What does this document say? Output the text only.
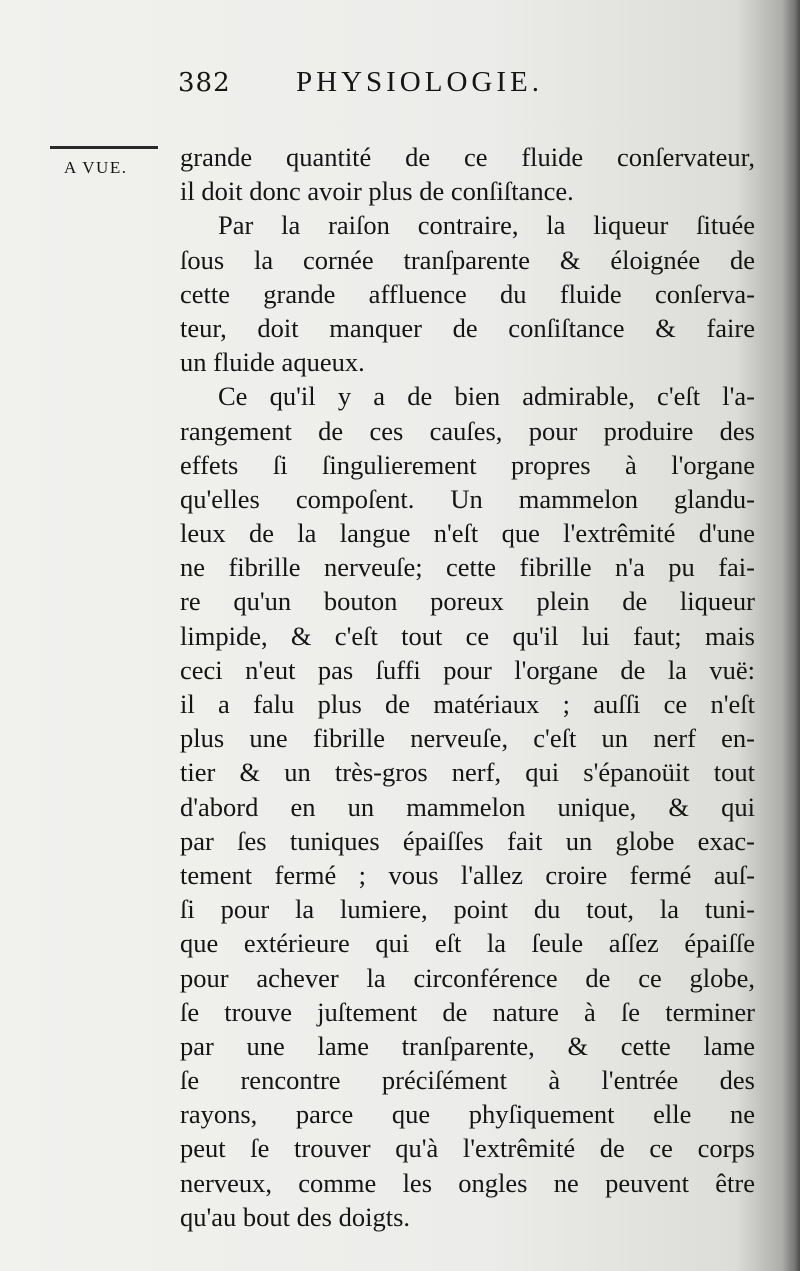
382 PHYSIOLOGIE.
A VUE. grande quantité de ce fluide conſervateur,
il doit donc avoir plus de conſiſtance.
Par la raiſon contraire, la liqueur ſituée
ſous la cornée tranſparente & éloignée de
cette grande affluence du fluide conſerva-
teur, doit manquer de conſiſtance & faire
un fluide aqueux.
Ce qu'il y a de bien admirable, c'eſt l'a-
rangement de ces cauſes, pour produire des
effets ſi ſingulierement propres à l'organe
qu'elles compoſent. Un mammelon glandu-
leux de la langue n'eſt que l'extrêmité d'une
ne fibrille nerveuſe; cette fibrille n'a pu fai-
re qu'un bouton poreux plein de liqueur
limpide, & c'eſt tout ce qu'il lui faut; mais
ceci n'eut pas ſuffi pour l'organe de la vuë:
il a falu plus de matériaux ; auſſi ce n'eſt
plus une fibrille nerveuſe, c'eſt un nerf en-
tier & un très-gros nerf, qui s'épanoüit tout
d'abord en un mammelon unique, & qui
par ſes tuniques épaiſſes fait un globe exac-
tement fermé ; vous l'allez croire fermé auſ-
ſi pour la lumiere, point du tout, la tuni-
que extérieure qui eſt la ſeule aſſez épaiſſe
pour achever la circonférence de ce globe,
ſe trouve juſtement de nature à ſe terminer
par une lame tranſparente, & cette lame
ſe rencontre préciſément à l'entrée des
rayons, parce que phyſiquement elle ne
peut ſe trouver qu'à l'extrêmité de ce corps
nerveux, comme les ongles ne peuvent être
qu'au bout des doigts.
